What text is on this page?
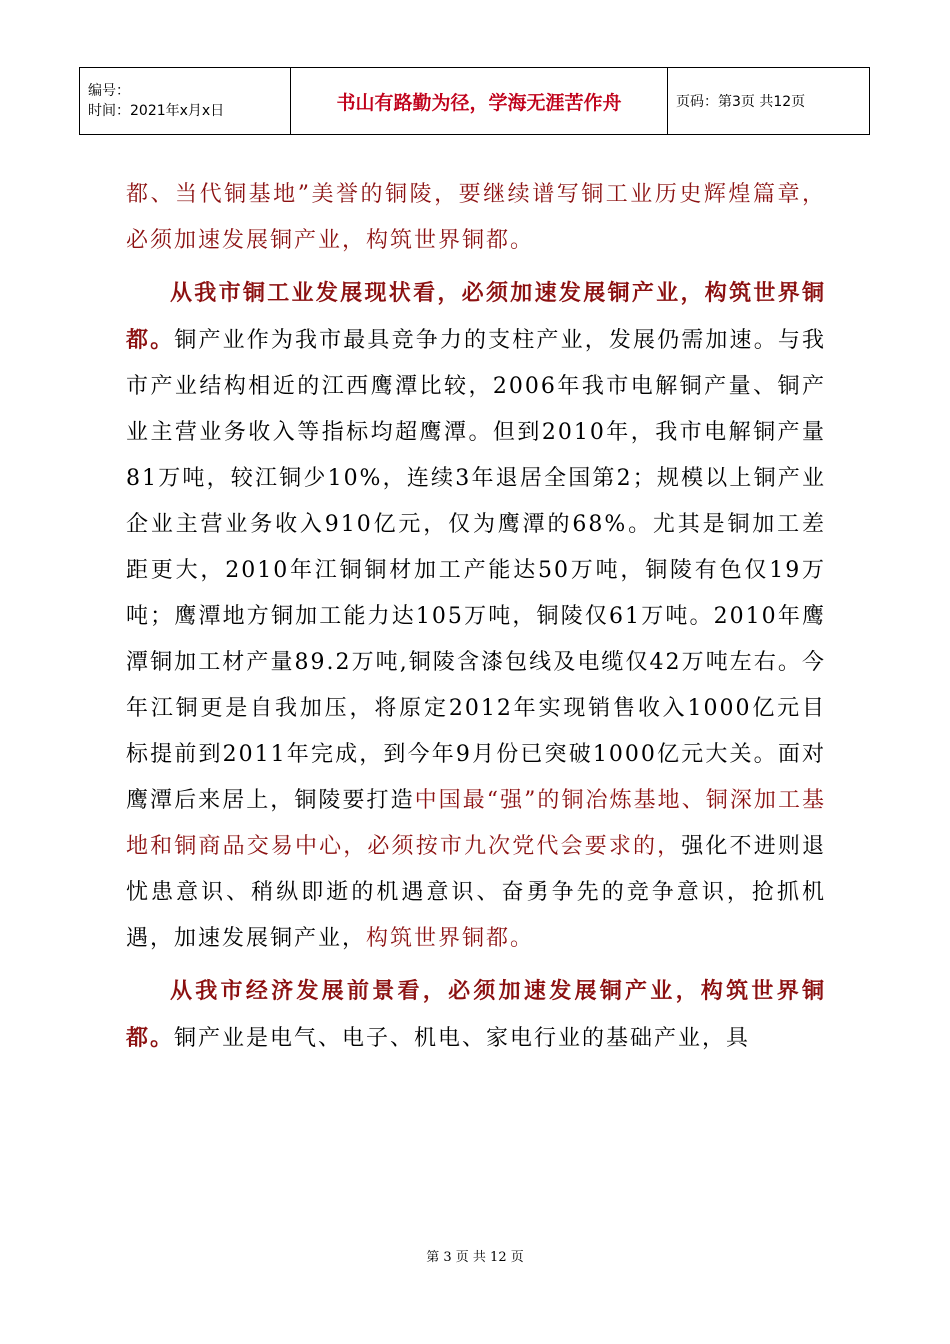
编号：
时间：2021年x月x日	书山有路勤为径，学海无涯苦作舟	页码：第3页 共12页

都、当代铜基地”美誉的铜陵，要继续谱写铜工业历史辉煌篇章，必须加速发展铜产业，构筑世界铜都。

从我市铜工业发展现状看，必须加速发展铜产业，构筑世界铜都。铜产业作为我市最具竞争力的支柱产业，发展仍需加速。与我市产业结构相近的江西鹰潭比较，2006年我市电解铜产量、铜产业主营业务收入等指标均超鹰潭。但到2010年，我市电解铜产量81万吨，较江铜少10%，连续3年退居全国第2；规模以上铜产业企业主营业务收入910亿元，仅为鹰潭的68%。尤其是铜加工差距更大，2010年江铜铜材加工产能达50万吨，铜陵有色仅19万吨；鹰潭地方铜加工能力达105万吨，铜陵仅61万吨。2010年鹰潭铜加工材产量89.2万吨,铜陵含漆包线及电缆仅42万吨左右。今年江铜更是自我加压，将原定2012年实现销售收入1000亿元目标提前到2011年完成，到今年9月份已突破1000亿元大关。面对鹰潭后来居上，铜陵要打造中国最“强”的铜冶炼基地、铜深加工基地和铜商品交易中心，必须按市九次党代会要求的，强化不进则退忧患意识、稍纵即逝的机遇意识、奋勇争先的竞争意识，抢抓机遇，加速发展铜产业，构筑世界铜都。

从我市经济发展前景看，必须加速发展铜产业，构筑世界铜都。铜产业是电气、电子、机电、家电行业的基础产业，具

第 3 页 共 12 页
